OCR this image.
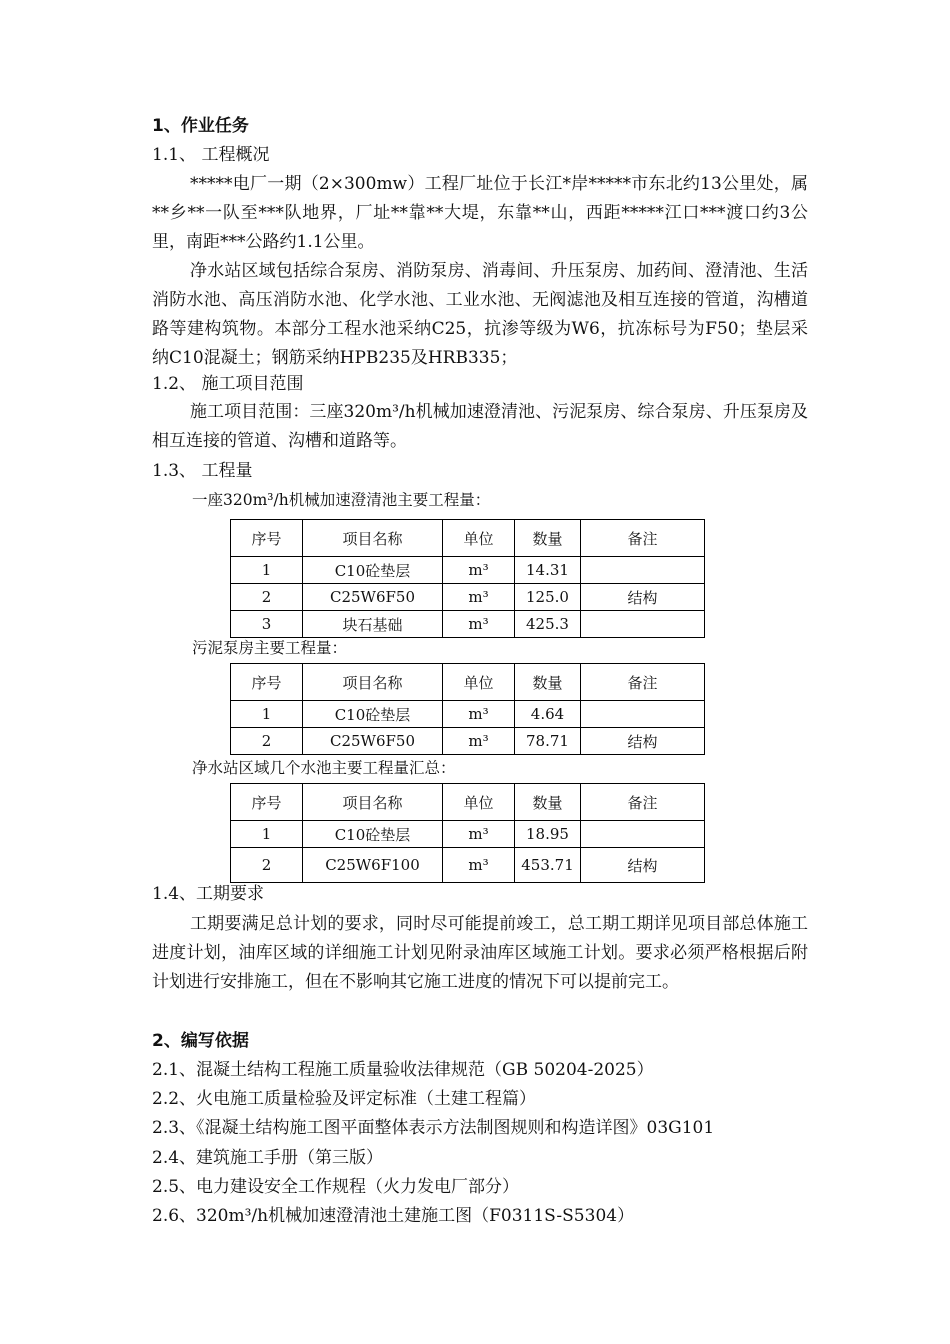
1、作业任务
1.1、 工程概况

*****电厂一期（2×300mw）工程厂址位于长江*岸*****市东北约13公里处，属**乡**一队至***队地界，厂址**靠**大堤，东靠**山，西距*****江口***渡口约3公里，南距***公路约1.1公里。

净水站区域包括综合泵房、消防泵房、消毒间、升压泵房、加药间、澄清池、生活消防水池、高压消防水池、化学水池、工业水池、无阀滤池及相互连接的管道，沟槽道路等建构筑物。本部分工程水池采纳C25，抗渗等级为W6，抗冻标号为F50；垫层采纳C10混凝土；钢筋采纳HPB235及HRB335；

1.2、 施工项目范围

施工项目范围：三座320m³/h机械加速澄清池、污泥泵房、综合泵房、升压泵房及相互连接的管道、沟槽和道路等。

1.3、 工程量
一座320m³/h机械加速澄清池主要工程量：
序号	项目名称	单位	数量	备注
1	C10砼垫层	m³	14.31	
2	C25W6F50	m³	125.0	结构
3	块石基础	m³	425.3	
污泥泵房主要工程量：
序号	项目名称	单位	数量	备注
1	C10砼垫层	m³	4.64	
2	C25W6F50	m³	78.71	结构
净水站区域几个水池主要工程量汇总：
序号	项目名称	单位	数量	备注
1	C10砼垫层	m³	18.95	
2	C25W6F100	m³	453.71	结构
1.4、工期要求

工期要满足总计划的要求，同时尽可能提前竣工，总工期工期详见项目部总体施工进度计划，油库区域的详细施工计划见附录油库区域施工计划。要求必须严格根据后附计划进行安排施工，但在不影响其它施工进度的情况下可以提前完工。

2、编写依据
2.1、混凝土结构工程施工质量验收法律规范（GB 50204-2025）
2.2、火电施工质量检验及评定标准（土建工程篇）
2.3、《混凝土结构施工图平面整体表示方法制图规则和构造详图》03G101
2.4、建筑施工手册（第三版）
2.5、电力建设安全工作规程（火力发电厂部分）
2.6、320m³/h机械加速澄清池土建施工图（F0311S-S5304）
